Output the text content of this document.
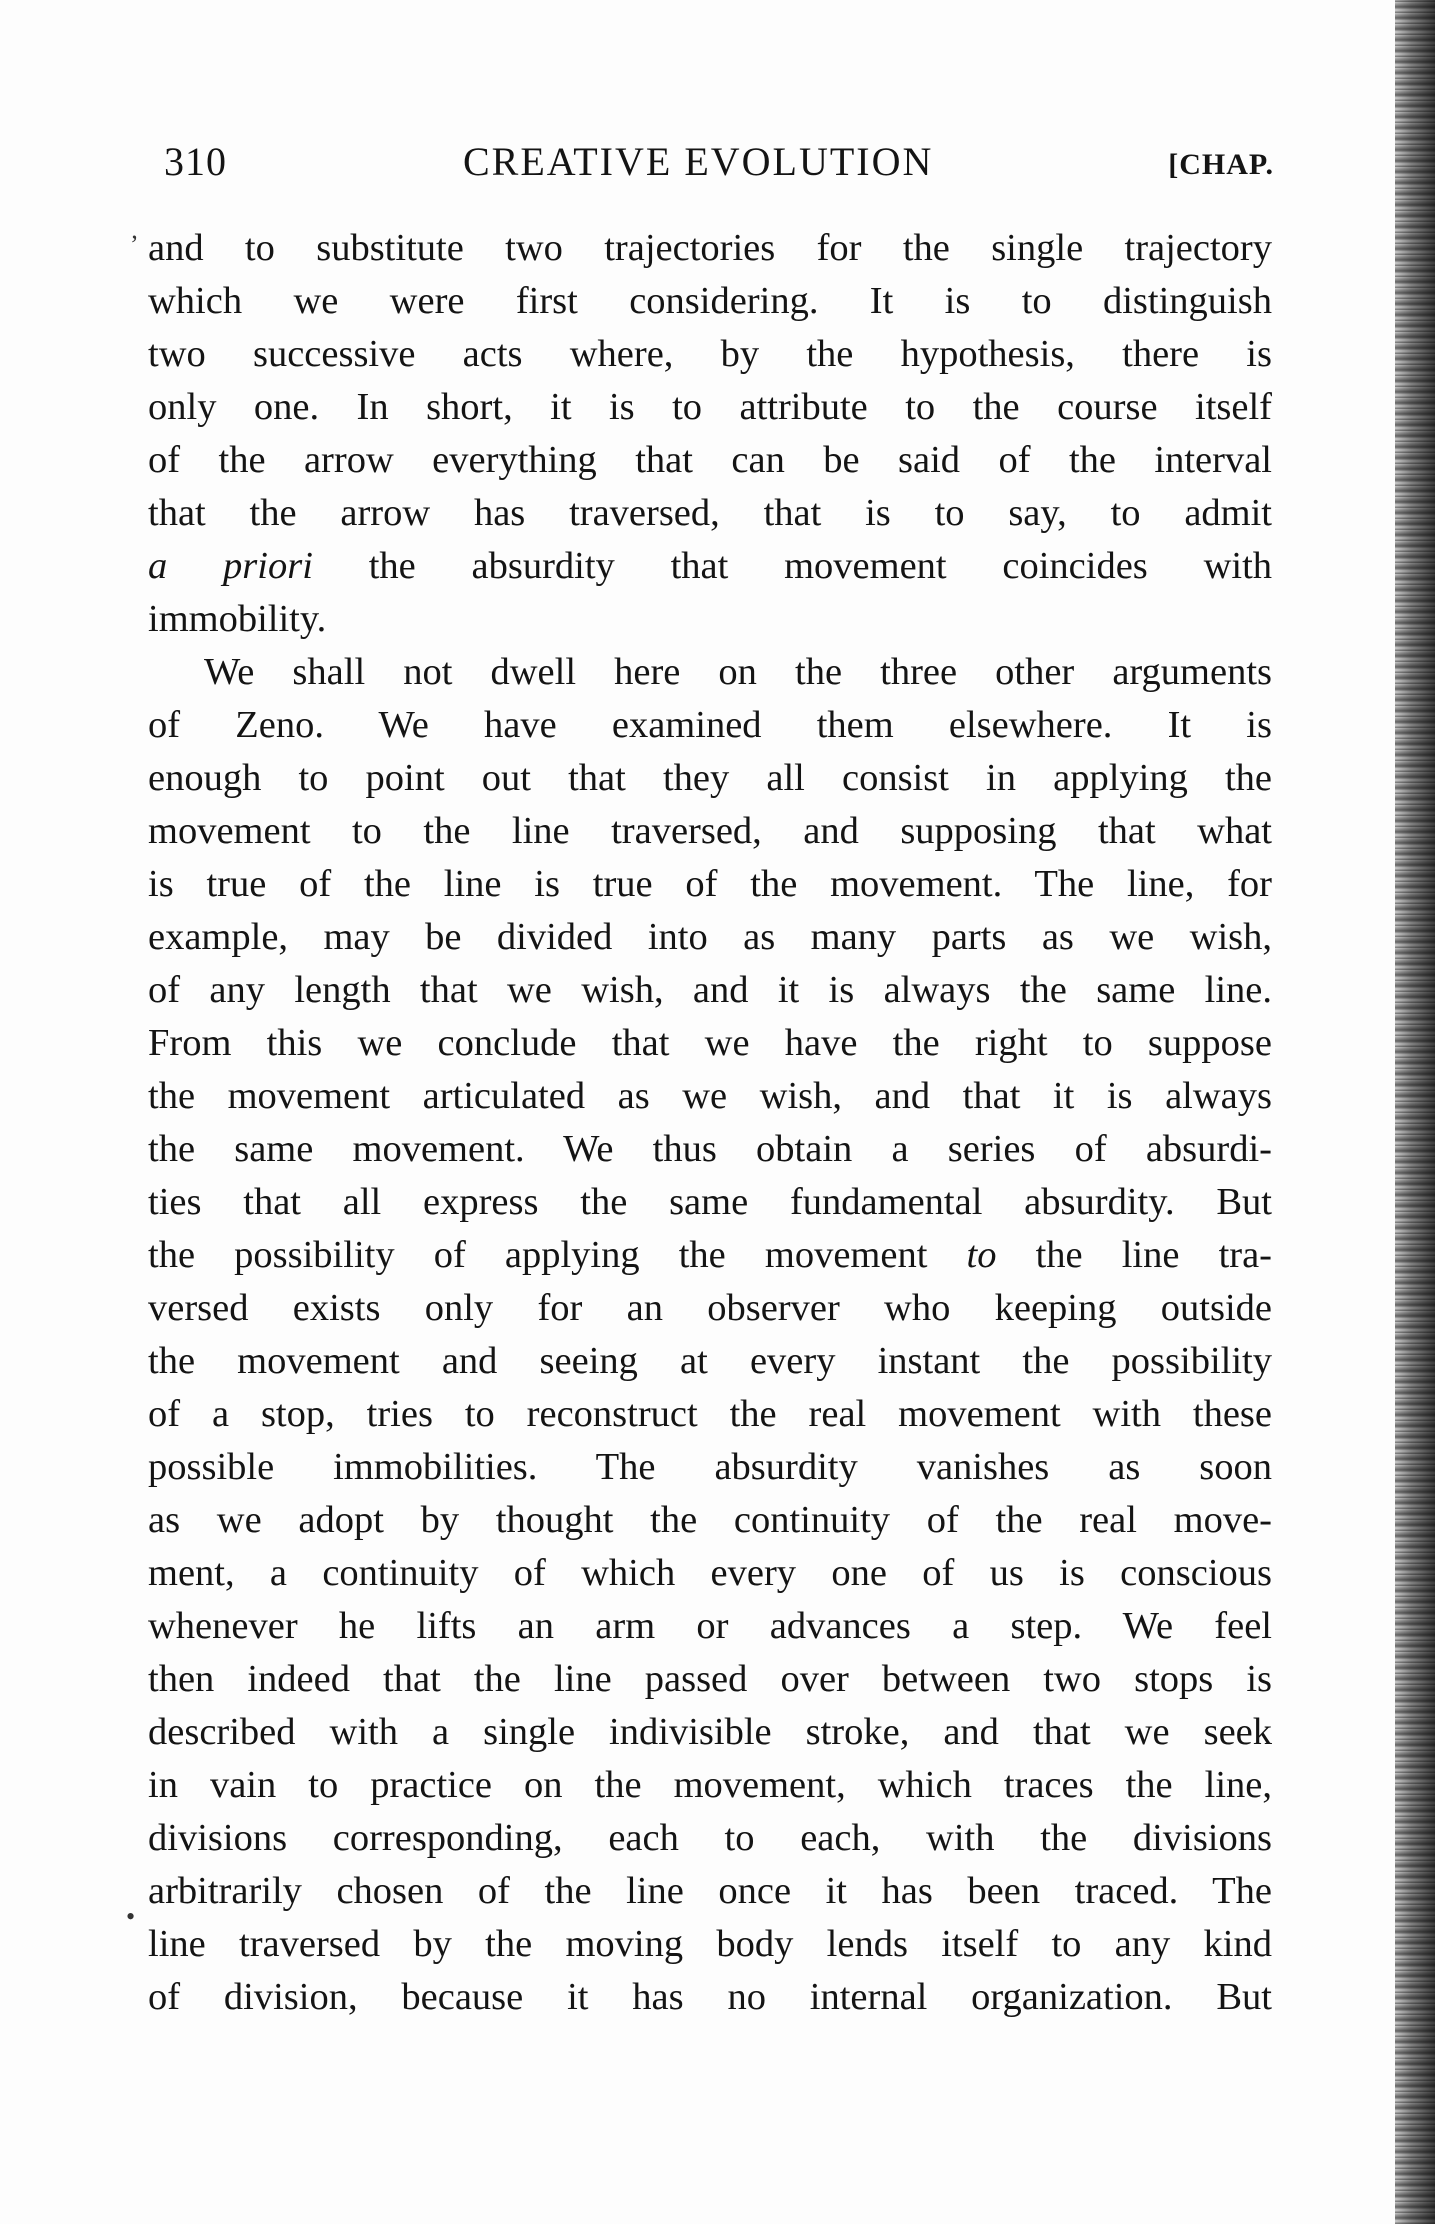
310	CREATIVE EVOLUTION	[CHAP.
’
•
and to substitute two trajectories for the single trajectory
which we were first considering. It is to distinguish
two successive acts where, by the hypothesis, there is
only one. In short, it is to attribute to the course itself
of the arrow everything that can be said of the interval
that the arrow has traversed, that is to say, to admit
a priori the absurdity that movement coincides with
immobility.
We shall not dwell here on the three other arguments
of Zeno. We have examined them elsewhere. It is
enough to point out that they all consist in applying the
movement to the line traversed, and supposing that what
is true of the line is true of the movement. The line, for
example, may be divided into as many parts as we wish,
of any length that we wish, and it is always the same line.
From this we conclude that we have the right to suppose
the movement articulated as we wish, and that it is always
the same movement. We thus obtain a series of absurdi-
ties that all express the same fundamental absurdity. But
the possibility of applying the movement to the line tra-
versed exists only for an observer who keeping outside
the movement and seeing at every instant the possibility
of a stop, tries to reconstruct the real movement with these
possible immobilities. The absurdity vanishes as soon
as we adopt by thought the continuity of the real move-
ment, a continuity of which every one of us is conscious
whenever he lifts an arm or advances a step. We feel
then indeed that the line passed over between two stops is
described with a single indivisible stroke, and that we seek
in vain to practice on the movement, which traces the line,
divisions corresponding, each to each, with the divisions
arbitrarily chosen of the line once it has been traced. The
line traversed by the moving body lends itself to any kind
of division, because it has no internal organization. But
